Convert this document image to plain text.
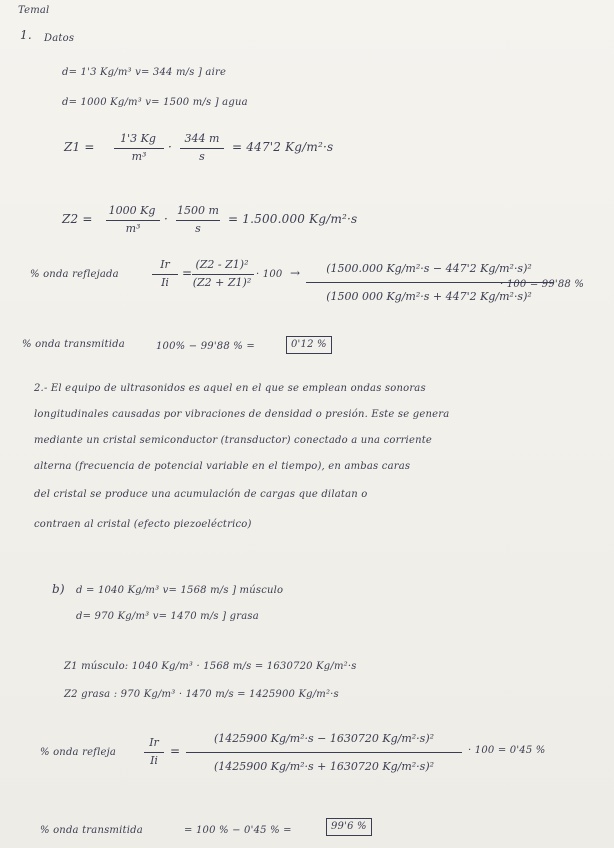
Temal
1. Datos
d= 1'3 Kg/m³ v= 344 m/s ] aire
d= 1000 Kg/m³ v= 1500 m/s ] agua
Z1 =
1'3 Kg
m³
·
344 m
s
= 447'2 Kg/m²·s
Z2 =
1000 Kg
m³
·
1500 m
s
= 1.500.000 Kg/m²·s
% onda reflejada
Ir
Ii
=
(Z2 - Z1)²
(Z2 + Z1)²
· 100 →	(1500.000 Kg/m²·s − 447'2 Kg/m²·s)²
(1500 000 Kg/m²·s + 447'2 Kg/m²·s)²
· 100 = 99'88 %
% onda transmitida	100% − 99'88 % =	0'12 %
2.- El equipo de ultrasonidos es aquel en el que se emplean ondas sonoras
longitudinales causadas por vibraciones de densidad o presión. Este se genera
mediante un cristal semiconductor (transductor) conectado a una corriente
alterna (frecuencia de potencial variable en el tiempo), en ambas caras
del cristal se produce una acumulación de cargas que dilatan o
contraen al cristal (efecto piezoeléctrico)
b) d = 1040 Kg/m³ v= 1568 m/s ] músculo
d= 970 Kg/m³ v= 1470 m/s ] grasa
Z1 músculo: 1040 Kg/m³ · 1568 m/s = 1630720 Kg/m²·s
Z2 grasa : 970 Kg/m³ · 1470 m/s = 1425900 Kg/m²·s
% onda refleja
Ir
Ii
=
(1425900 Kg/m²·s − 1630720 Kg/m²·s)²
(1425900 Kg/m²·s + 1630720 Kg/m²·s)²
· 100 = 0'45 %
% onda transmitida	= 100 % − 0'45 % =	99'6 %
